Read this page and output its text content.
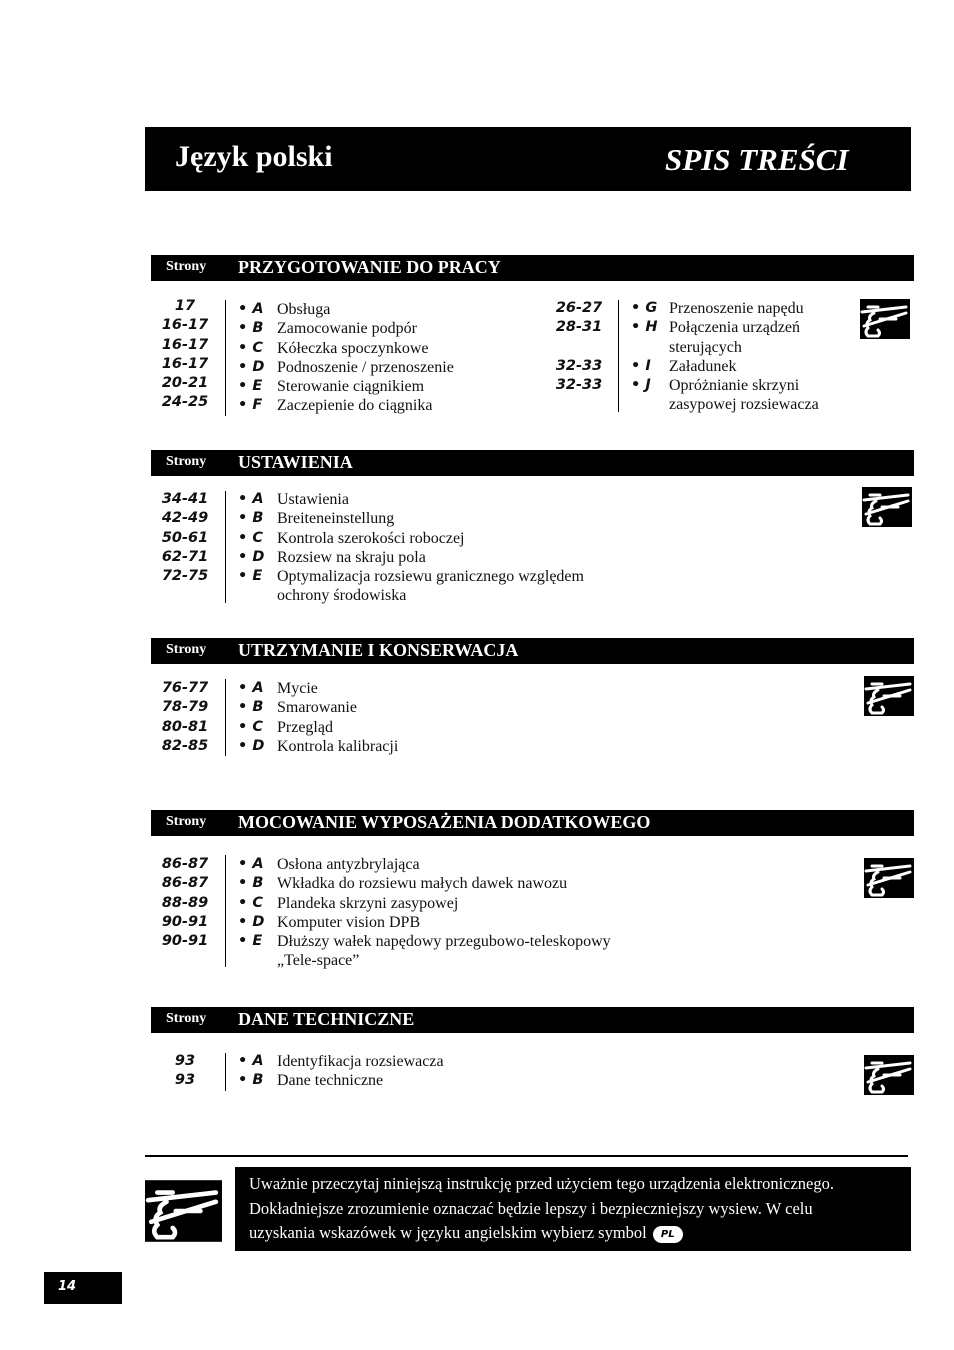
Język polski	SPIS TREŚCI
Strony PRZYGOTOWANIE DO PRACY
17
16-17
16-17
16-17
20-21
24-25
• A
• B
• C
• D
• E
• F
Obsługa
Zamocowanie podpór
Kółeczka spoczynkowe
Podnoszenie / przenoszenie
Sterowanie ciągnikiem
Zaczepienie do ciągnika
26-27
28-31
32-33
32-33
• G
• H
• I
• J
Przenoszenie napędu
Połączenia urządzeń
sterujących
Załadunek
Opróżnianie skrzyni
zasypowej rozsiewacza
Strony USTAWIENIA
34-41
42-49
50-61
62-71
72-75
• A
• B
• C
• D
• E
Ustawienia
Breiteneinstellung
Kontrola szerokości roboczej
Rozsiew na skraju pola
Optymalizacja rozsiewu granicznego względem
ochrony środowiska
Strony UTRZYMANIE I KONSERWACJA
76-77
78-79
80-81
82-85
• A
• B
• C
• D
Mycie
Smarowanie
Przegląd
Kontrola kalibracji
Strony MOCOWANIE WYPOSAŻENIA DODATKOWEGO
86-87
86-87
88-89
90-91
90-91
• A
• B
• C
• D
• E
Osłona antyzbrylająca
Wkładka do rozsiewu małych dawek nawozu
Plandeka skrzyni zasypowej
Komputer vision DPB
Dłuższy wałek napędowy przegubowo-teleskopowy
„Tele-space”
Strony DANE TECHNICZNE
93
93
• A
• B
Identyfikacja rozsiewacza
Dane techniczne
Uważnie przeczytaj niniejszą instrukcję przed użyciem tego urządzenia elektronicznego.
Dokładniejsze zrozumienie oznaczać będzie lepszy i bezpieczniejszy wysiew. W celu
uzyskania wskazówek w języku angielskim wybierz symbol PL
14
